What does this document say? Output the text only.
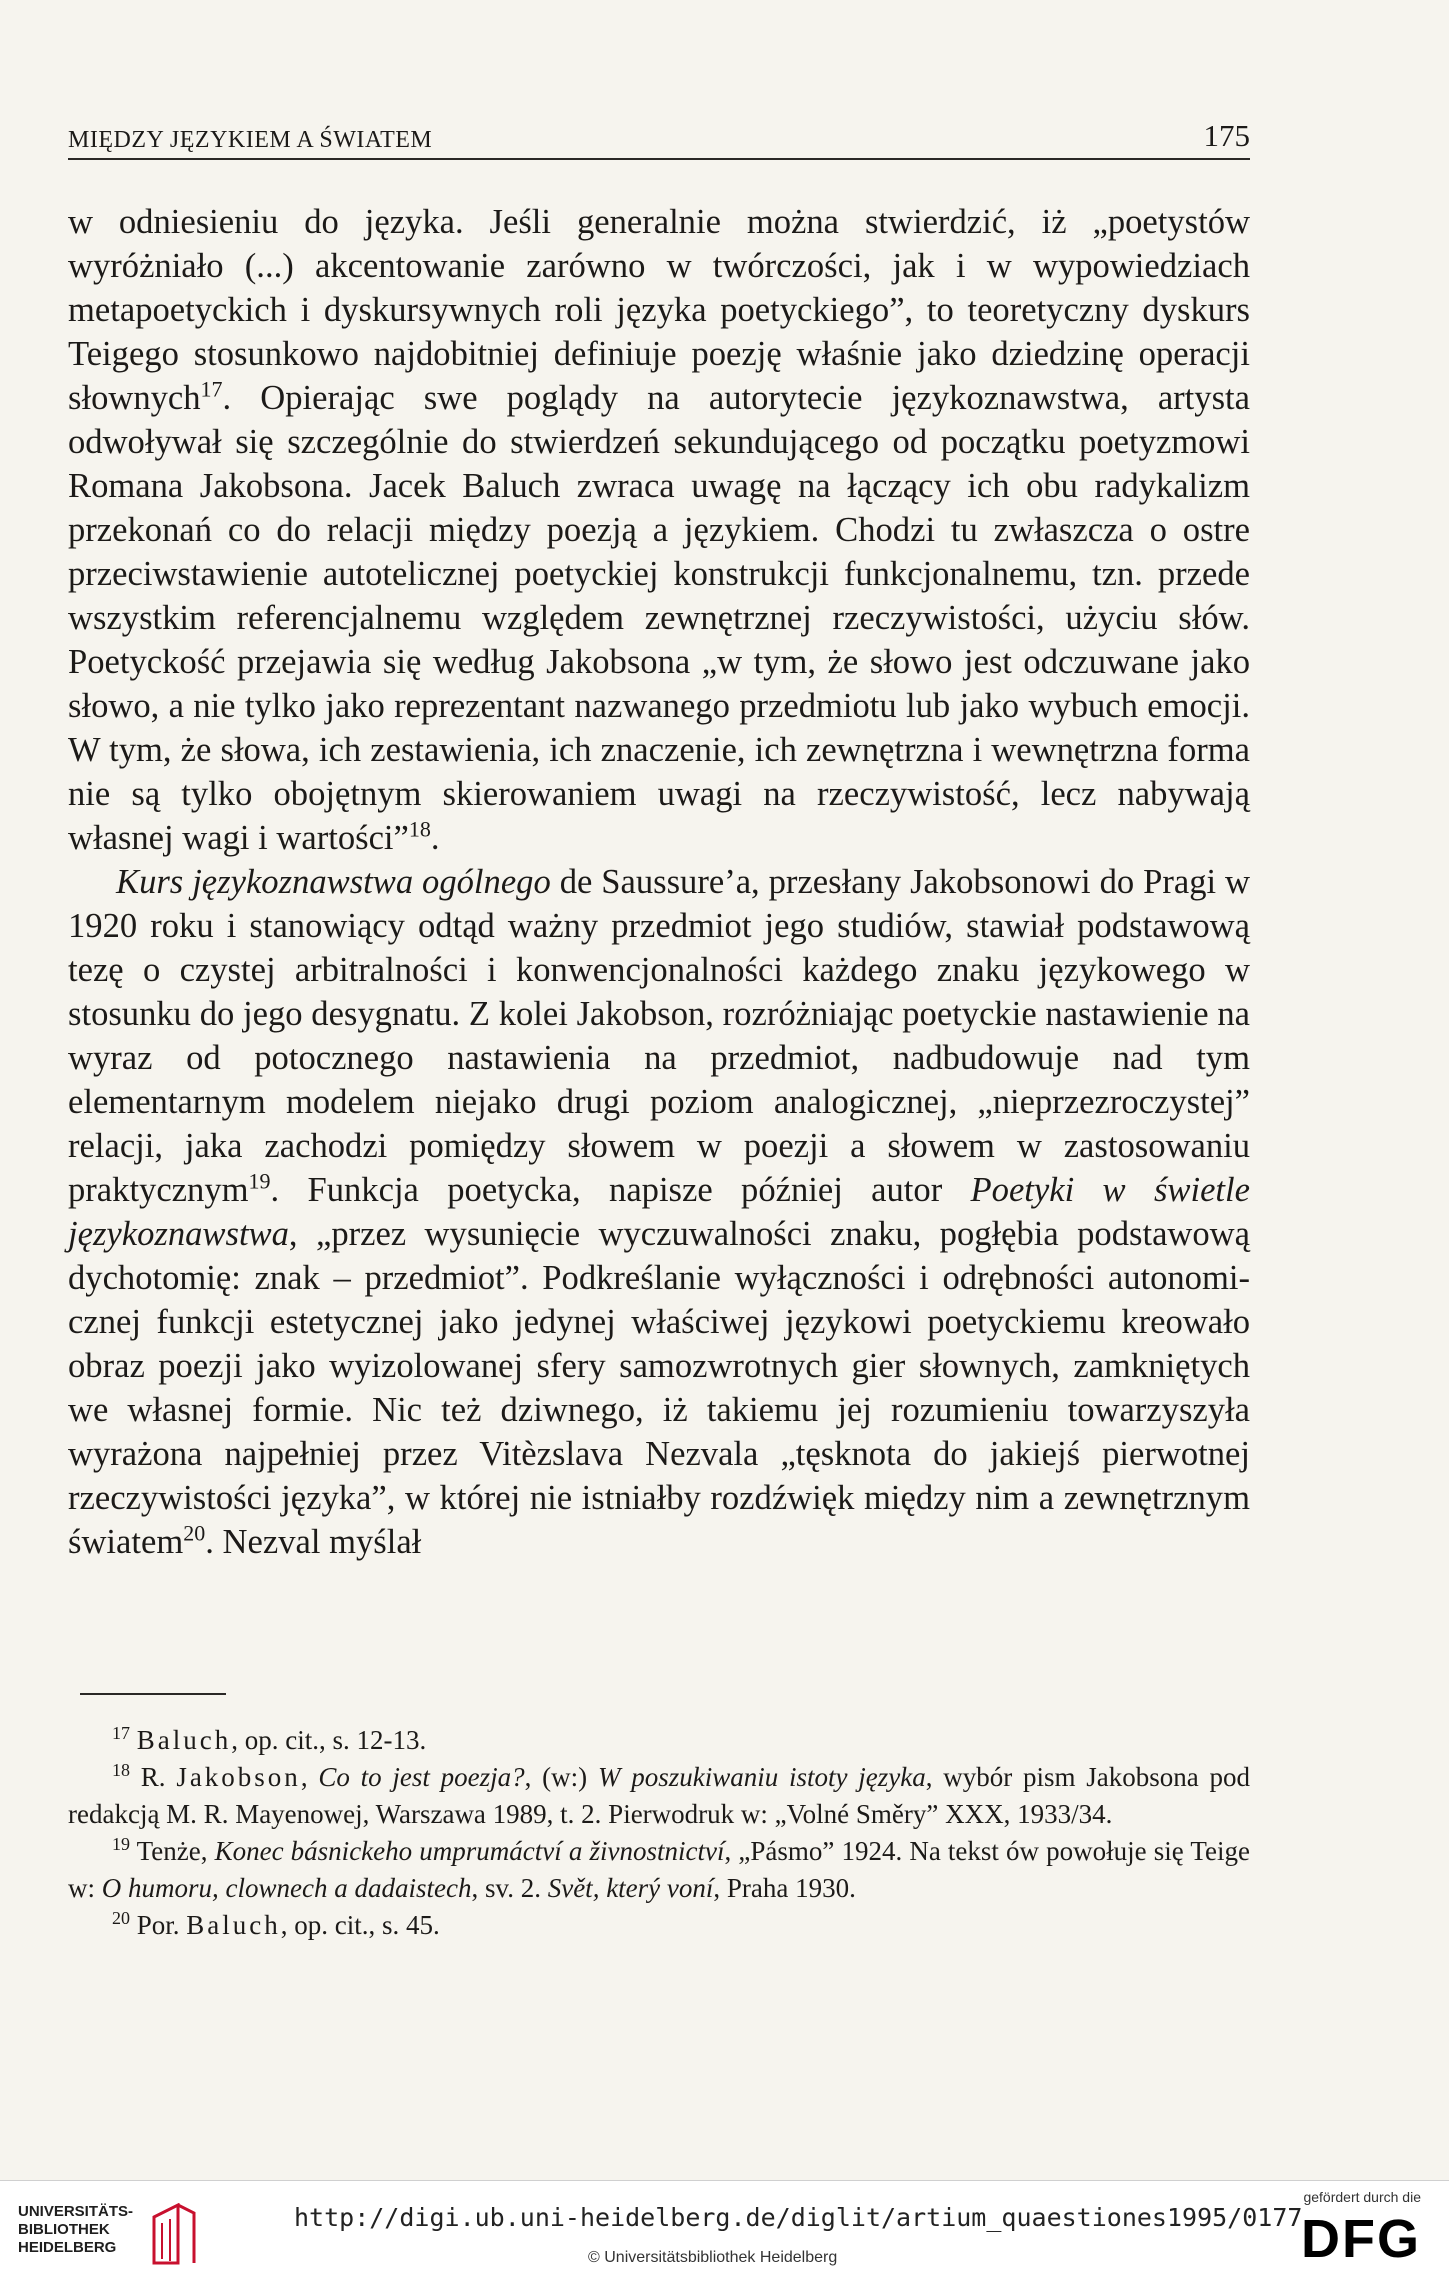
MIĘDZY JĘZYKIEM A ŚWIATEM	175

w odniesieniu do języka. Jeśli generalnie można stwierdzić, iż „poetystów wyróżniało (...) akcentowanie zarówno w twórczości, jak i w wypowiedziach metapoetyckich i dyskursywnych roli języka poetyckiego”, to teoretyczny dyskurs Teigego stosunkowo najdobitniej definiuje poezję właśnie jako dziedzinę operacji słownych$^{17}$. Opierając swe poglądy na autorytecie językoznawstwa, artysta odwoływał się szczególnie do stwierdzeń sekundującego od początku poetyzmowi Romana Jakobsona. Jacek Baluch zwraca uwagę na łączący ich obu radykalizm przekonań co do relacji między poezją a językiem. Chodzi tu zwłaszcza o ostre przeciwstawienie autotelicznej poetyckiej konstrukcji funkcjonalnemu, tzn. przede wszystkim referencjalnemu względem zewnętrznej rzeczywistości, użyciu słów. Poetyckość przejawia się według Jakobsona „w tym, że słowo jest odczuwane jako słowo, a nie tylko jako reprezentant nazwanego przedmiotu lub jako wybuch emocji. W tym, że słowa, ich zestawienia, ich znaczenie, ich zewnętrzna i wewnętrzna forma nie są tylko obojętnym skierowaniem uwagi na rzeczywistość, lecz nabywają własnej wagi i wartości”$^{18}$.

Kurs językoznawstwa ogólnego de Saussure’a, przesłany Jakobsonowi do Pragi w 1920 roku i stanowiący odtąd ważny przedmiot jego studiów, stawiał podstawową tezę o czystej arbitralności i konwencjonalności każdego znaku językowego w stosunku do jego desygnatu. Z kolei Jakobson, rozróżniając poetyckie nastawienie na wyraz od potocznego nastawienia na przedmiot, nadbudowuje nad tym elementarnym modelem niejako drugi poziom analogicznej, „nieprzezroczystej” relacji, jaka zachodzi pomiędzy słowem w poezji a słowem w zastosowaniu praktycznym$^{19}$. Funkcja poetycka, napisze później autor Poetyki w świetle językoznawstwa, „przez wysunięcie wyczuwalności znaku, pogłębia podstawową dychotomię: znak – przedmiot”. Podkreślanie wyłączności i odrębności autonomicznej funkcji estetycznej jako jedynej właściwej językowi poetyckiemu kreowało obraz poezji jako wyizolowanej sfery samozwrotnych gier słownych, zamkniętych we własnej formie. Nic też dziwnego, iż takiemu jej rozumieniu towarzyszyła wyrażona najpełniej przez Vitèzslava Nezvala „tęsknota do jakiejś pierwotnej rzeczywistości języka”, w której nie istniałby rozdźwięk między nim a zewnętrznym światem$^{20}$. Nezval myślał

$^{17}$ Baluch, op. cit., s. 12-13.

$^{18}$ R. Jakobson, Co to jest poezja?, (w:) W poszukiwaniu istoty języka, wybór pism Jakobsona pod redakcją M. R. Mayenowej, Warszawa 1989, t. 2. Pierwodruk w: „Volné Směry” XXX, 1933/34.

$^{19}$ Tenże, Konec básnickeho umprumáctví a živnostnictví, „Pásmo” 1924. Na tekst ów powołuje się Teige w: O humoru, clownech a dadaistech, sv. 2. Svět, který voní, Praha 1930.

$^{20}$ Por. Baluch, op. cit., s. 45.

UNIVERSITÄTS-
BIBLIOTHEK
HEIDELBERG
http://digi.ub.uni-heidelberg.de/diglit/artium_quaestiones1995/0177
© Universitätsbibliothek Heidelberg
gefördert durch die
DFG
